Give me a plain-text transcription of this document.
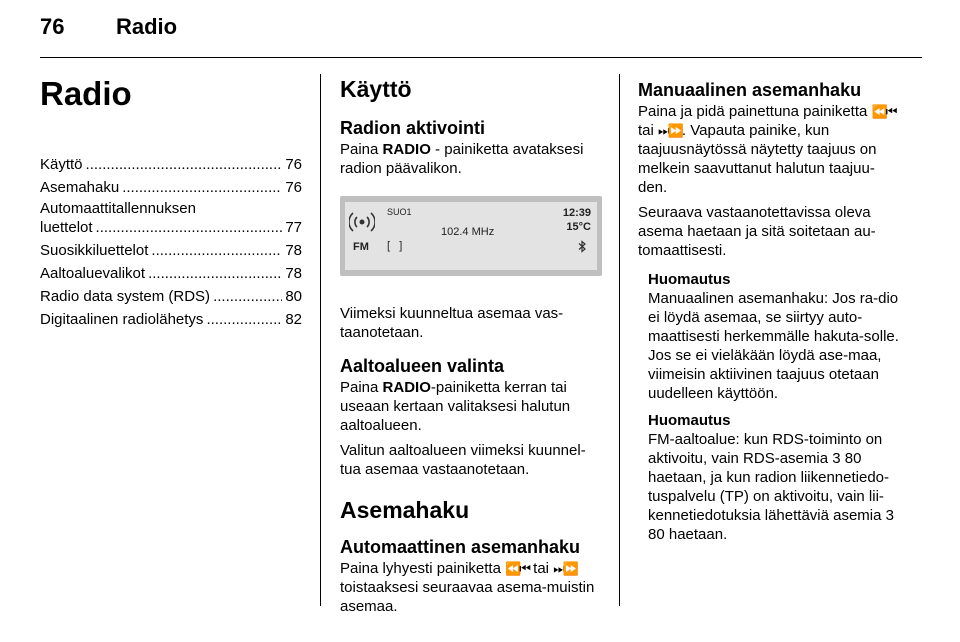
76 Radio
Radio
Käyttö .....	76
Asemahaku .....	76
Automaattitallennuksen
luettelot .....	77
Suosikkiluettelot .....	78
Aaltoaluevalikot .....	78
Radio data system (RDS) .....	80
Digitaalinen radiolähetys .....	82
Käyttö
Radion aktivointi

Paina RADIO - painiketta avataksesi radion päävalikon.

SUO1
102.4 MHz
12:39
15°C
FM [   ]

Viimeksi kuunneltua asemaa vas-taanotetaan.

Aaltoalueen valinta

Paina RADIO-painiketta kerran tai useaan kertaan valitaksesi halutun aaltoalueen.

Valitun aaltoalueen viimeksi kuunnel-tua asemaa vastaanotetaan.

Asemahaku
Automaattinen asemanhaku

Paina lyhyesti painiketta ⏪⏮ tai ⏭⏩ toistaaksesi seuraavaa asema-muistin asemaa.

Manuaalinen asemanhaku

Paina ja pidä painettuna painiketta ⏪⏮ tai ⏭⏩. Vapauta painike, kun taajuusnäytössä näytetty taajuus on melkein saavuttanut halutun taajuu-den.

Seuraava vastaanotettavissa oleva asema haetaan ja sitä soitetaan au-tomaattisesti.

Huomautus

Manuaalinen asemanhaku: Jos ra-dio ei löydä asemaa, se siirtyy auto-maattisesti herkemmälle hakuta-solle. Jos se ei vieläkään löydä ase-maa, viimeisin aktiivinen taajuus otetaan uudelleen käyttöön.

Huomautus

FM-aaltoalue: kun RDS-toiminto on aktivoitu, vain RDS-asemia 3 80 haetaan, ja kun radion liikennetiedo-tuspalvelu (TP) on aktivoitu, vain lii-kennetiedotuksia lähettäviä asemia 3 80 haetaan.
